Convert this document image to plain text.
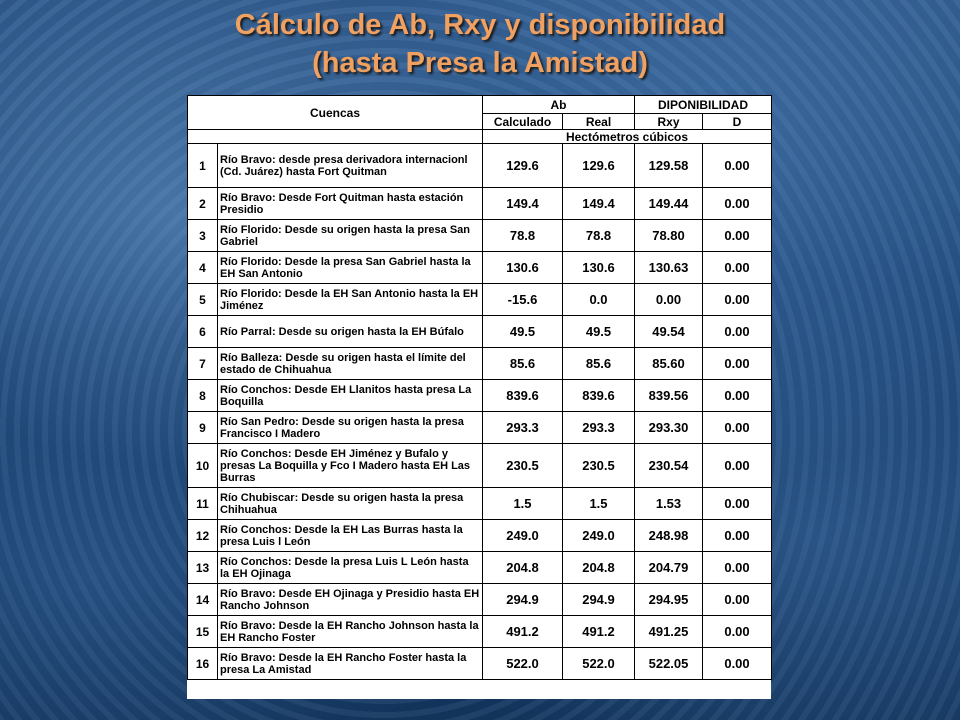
Cálculo de Ab, Rxy y disponibilidad
(hasta Presa la Amistad)
Cuencas		Ab		DIPONIBILIDAD	
		Calculado	Real	Rxy	D
		Hectómetros cúbicos			
1	Río Bravo: desde presa derivadora internacionl (Cd. Juárez) hasta Fort Quitman	129.6	129.6	129.58	0.00
2	Río Bravo: Desde Fort Quitman hasta estación Presidio	149.4	149.4	149.44	0.00
3	Río Florido: Desde su origen hasta la presa San Gabriel	78.8	78.8	78.80	0.00
4	Río Florido: Desde la presa San Gabriel hasta la EH San Antonio	130.6	130.6	130.63	0.00
5	Río Florido: Desde la EH San Antonio hasta la EH Jiménez	-15.6	0.0	0.00	0.00
6	Río Parral: Desde su origen hasta la EH Búfalo	49.5	49.5	49.54	0.00
7	Río Balleza: Desde su origen hasta el límite del estado de Chihuahua	85.6	85.6	85.60	0.00
8	Río Conchos: Desde EH Llanitos hasta presa La Boquilla	839.6	839.6	839.56	0.00
9	Río San Pedro: Desde su origen hasta la presa Francisco I Madero	293.3	293.3	293.30	0.00
10	Río Conchos: Desde EH Jiménez y Bufalo y presas La Boquilla y Fco I Madero hasta EH Las Burras	230.5	230.5	230.54	0.00
11	Río Chubiscar: Desde su origen hasta la presa Chihuahua	1.5	1.5	1.53	0.00
12	Río Conchos: Desde la EH Las Burras hasta la presa Luis l León	249.0	249.0	248.98	0.00
13	Río Conchos: Desde la presa Luis L León hasta la EH Ojinaga	204.8	204.8	204.79	0.00
14	Río Bravo: Desde EH Ojinaga y Presidio hasta EH Rancho Johnson	294.9	294.9	294.95	0.00
15	Río Bravo: Desde la EH Rancho Johnson hasta la EH Rancho Foster	491.2	491.2	491.25	0.00
16	Río Bravo: Desde la EH Rancho Foster hasta la presa La Amistad	522.0	522.0	522.05	0.00
